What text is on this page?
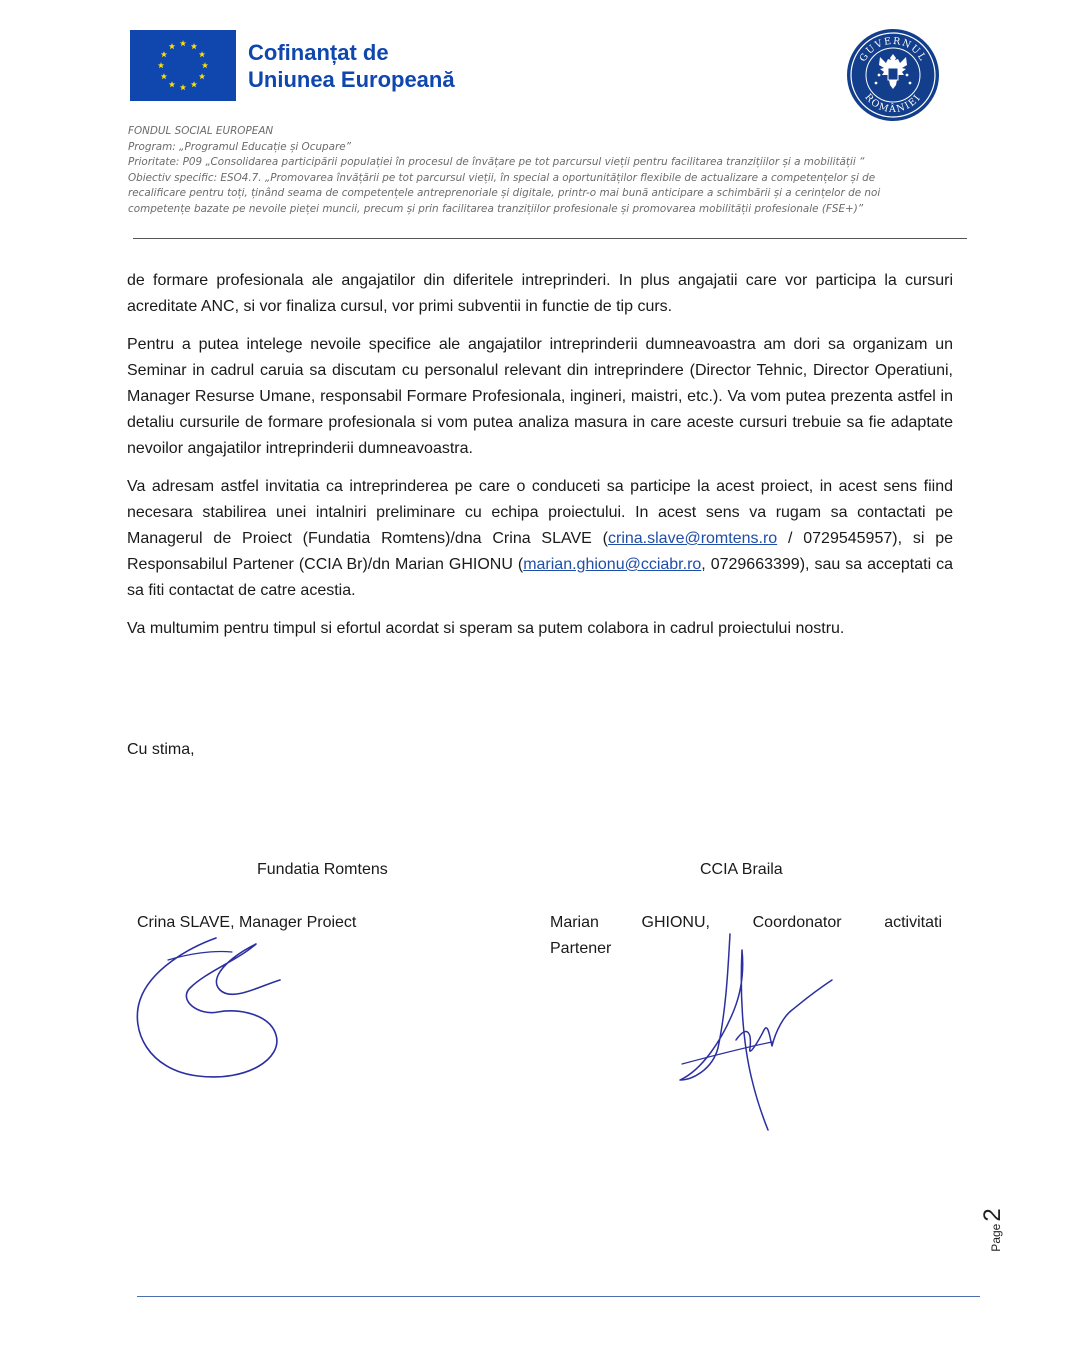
Cofinanțat de
Uniunea Europeană
GUVERNUL
ROMÂNIEI
FONDUL SOCIAL EUROPEAN
Program: „Programul Educație și Ocupare”
Prioritate: P09 „Consolidarea participării populației în procesul de învățare pe tot parcursul vieții pentru facilitarea tranzițiilor și a mobilității “
Obiectiv specific: ESO4.7. „Promovarea învățării pe tot parcursul vieții, în special a oportunităților flexibile de actualizare a competențelor și de
recalificare pentru toți, ținând seama de competențele antreprenoriale și digitale, printr-o mai bună anticipare a schimbării și a cerințelor de noi
competențe bazate pe nevoile pieței muncii, precum și prin facilitarea tranzițiilor profesionale și promovarea mobilității profesionale (FSE+)”

de formare profesionala ale angajatilor din diferitele intreprinderi. In plus angajatii care vor participa la cursuri acreditate ANC, si vor finaliza cursul, vor primi subventii in functie de tip curs.

Pentru a putea intelege nevoile specifice ale angajatilor intreprinderii dumneavoastra am dori sa organizam un Seminar in cadrul caruia sa discutam cu personalul relevant din intreprindere (Director Tehnic, Director Operatiuni, Manager Resurse Umane, responsabil Formare Profesionala, ingineri, maistri, etc.). Va vom putea prezenta astfel in detaliu cursurile de formare profesionala si vom putea analiza masura in care aceste cursuri trebuie sa fie adaptate nevoilor angajatilor intreprinderii dumneavoastra.

Va adresam astfel invitatia ca intreprinderea pe care o conduceti sa participe la acest proiect, in acest sens fiind necesara stabilirea unei intalniri preliminare cu echipa proiectului. In acest sens va rugam sa contactati pe Managerul de Proiect (Fundatia Romtens)/dna Crina SLAVE (crina.slave@romtens.ro / 0729545957), si pe Responsabilul Partener (CCIA Br)/dn Marian GHIONU (marian.ghionu@cciabr.ro, 0729663399), sau sa acceptati ca sa fiti contactat de catre acestia.

Va multumim pentru timpul si efortul acordat si speram sa putem colabora in cadrul proiectului nostru.

Cu stima,
Fundatia Romtens	CCIA Braila
Crina SLAVE, Manager Proiect	Marian GHIONU, Coordonator activitati
Partener
Page
2
